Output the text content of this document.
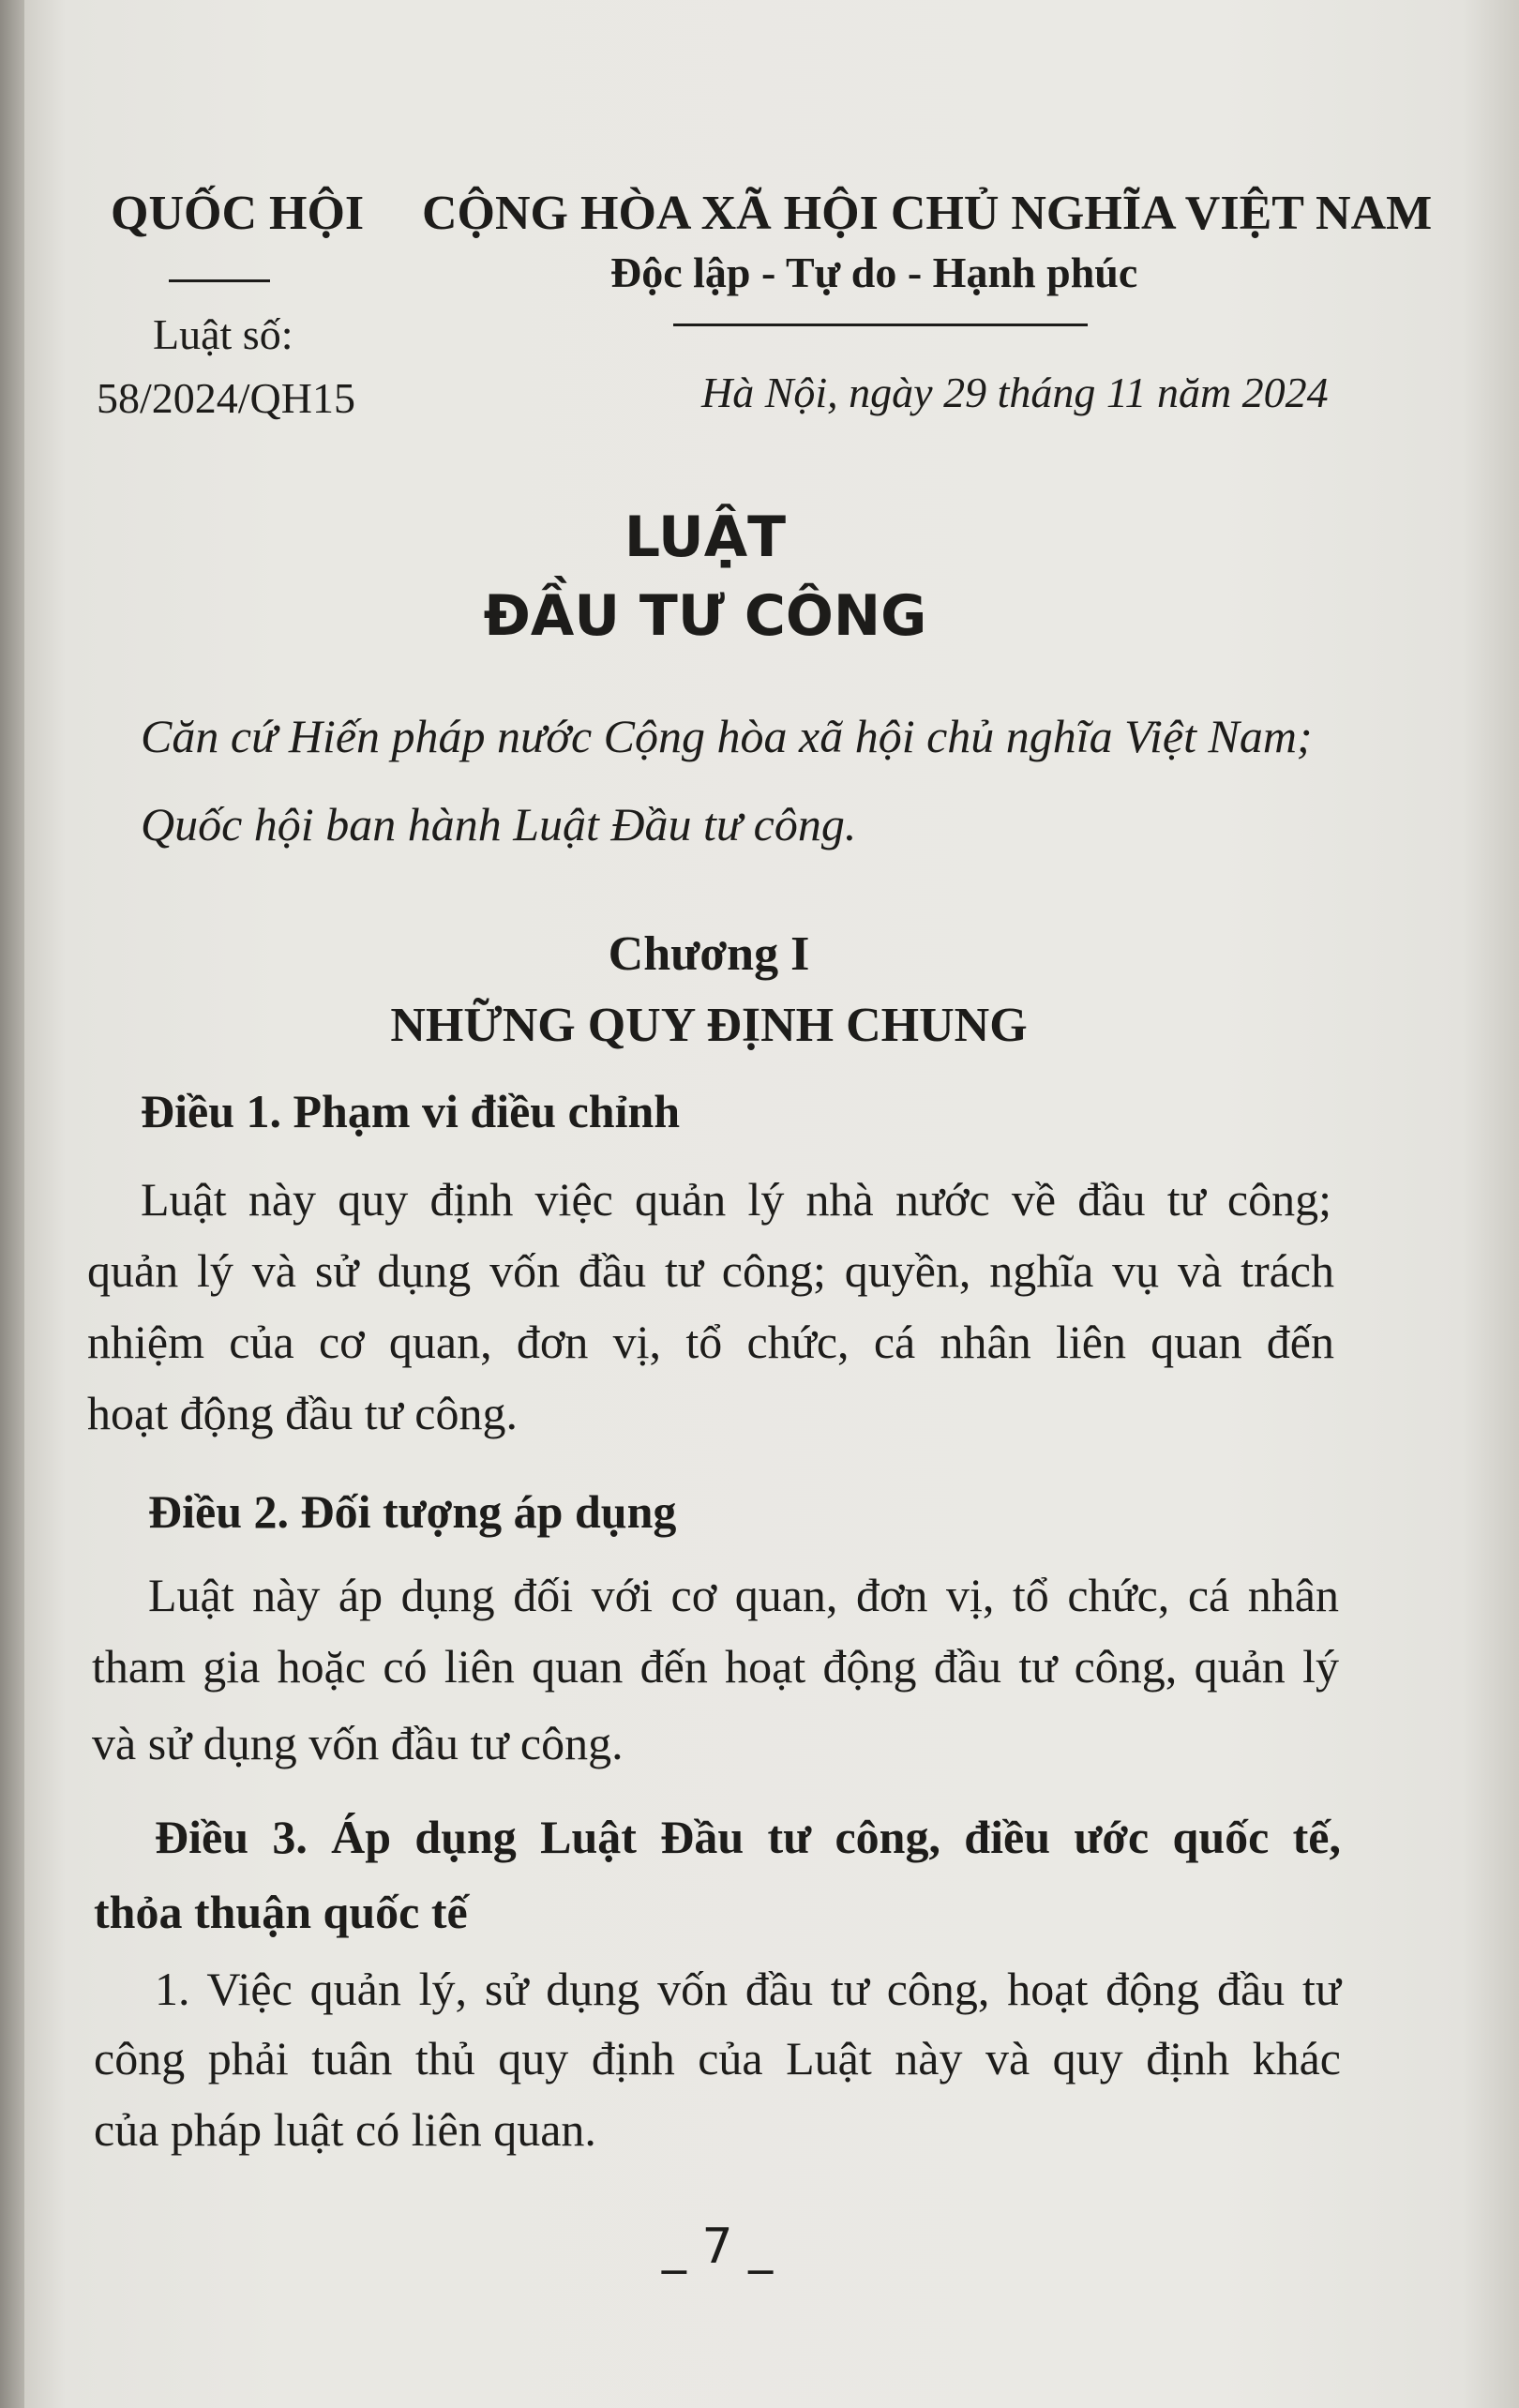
QUỐC HỘI
Luật số:
58/2024/QH15
CỘNG HÒA XÃ HỘI CHỦ NGHĨA VIỆT NAM
Độc lập - Tự do - Hạnh phúc
Hà Nội, ngày 29 tháng 11 năm 2024
LUẬT
ĐẦU TƯ CÔNG
Căn cứ Hiến pháp nước Cộng hòa xã hội chủ nghĩa Việt Nam;
Quốc hội ban hành Luật Đầu tư công.
Chương I
NHỮNG QUY ĐỊNH CHUNG
Điều 1. Phạm vi điều chỉnh
Luật này quy định việc quản lý nhà nước về đầu tư công;
quản lý và sử dụng vốn đầu tư công; quyền, nghĩa vụ và trách
nhiệm của cơ quan, đơn vị, tổ chức, cá nhân liên quan đến
hoạt động đầu tư công.
Điều 2. Đối tượng áp dụng
Luật này áp dụng đối với cơ quan, đơn vị, tổ chức, cá nhân
tham gia hoặc có liên quan đến hoạt động đầu tư công, quản lý
và sử dụng vốn đầu tư công.
Điều 3. Áp dụng Luật Đầu tư công, điều ước quốc tế,
thỏa thuận quốc tế
1. Việc quản lý, sử dụng vốn đầu tư công, hoạt động đầu tư
công phải tuân thủ quy định của Luật này và quy định khác
của pháp luật có liên quan.
_ 7 _
